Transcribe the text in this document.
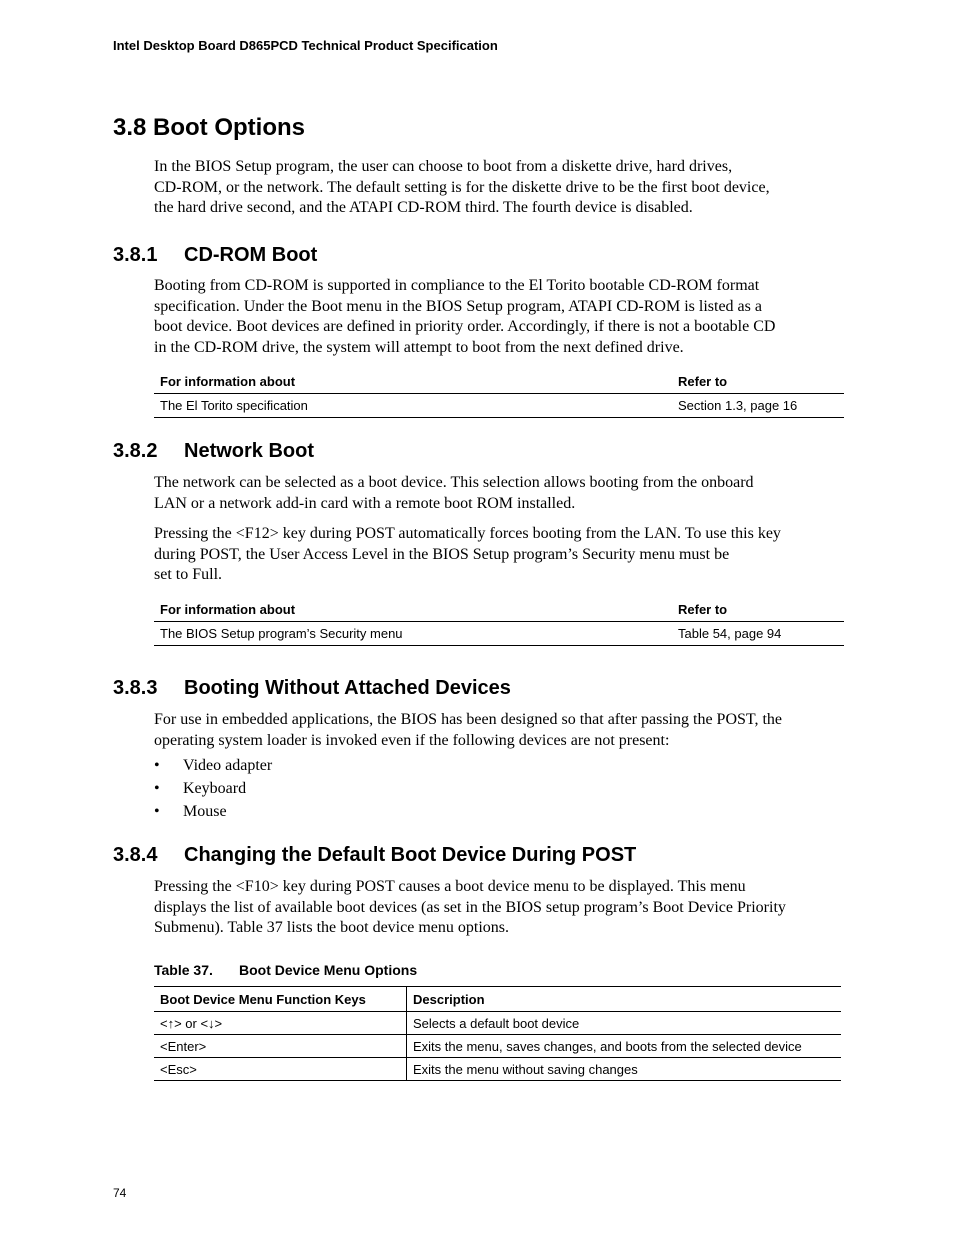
Intel Desktop Board D865PCD Technical Product Specification
3.8 Boot Options

In the BIOS Setup program, the user can choose to boot from a diskette drive, hard drives,
CD-ROM, or the network. The default setting is for the diskette drive to be the first boot device,
the hard drive second, and the ATAPI CD-ROM third. The fourth device is disabled.

3.8.1 CD-ROM Boot

Booting from CD-ROM is supported in compliance to the El Torito bootable CD-ROM format
specification. Under the Boot menu in the BIOS Setup program, ATAPI CD-ROM is listed as a
boot device. Boot devices are defined in priority order. Accordingly, if there is not a bootable CD
in the CD-ROM drive, the system will attempt to boot from the next defined drive.

For information about	Refer to
The El Torito specification	Section 1.3, page 16
3.8.2 Network Boot

The network can be selected as a boot device. This selection allows booting from the onboard
LAN or a network add-in card with a remote boot ROM installed.

Pressing the <F12> key during POST automatically forces booting from the LAN. To use this key
during POST, the User Access Level in the BIOS Setup program’s Security menu must be
set to Full.

For information about	Refer to
The BIOS Setup program’s Security menu	Table 54, page 94
3.8.3 Booting Without Attached Devices

For use in embedded applications, the BIOS has been designed so that after passing the POST, the
operating system loader is invoked even if the following devices are not present:

• Video adapter
• Keyboard
• Mouse
3.8.4 Changing the Default Boot Device During POST

Pressing the <F10> key during POST causes a boot device menu to be displayed. This menu
displays the list of available boot devices (as set in the BIOS setup program’s Boot Device Priority
Submenu). Table 37 lists the boot device menu options.

Table 37. Boot Device Menu Options
Boot Device Menu Function Keys	Description
<↑> or <↓>	Selects a default boot device
<Enter>	Exits the menu, saves changes, and boots from the selected device
<Esc>	Exits the menu without saving changes
74
